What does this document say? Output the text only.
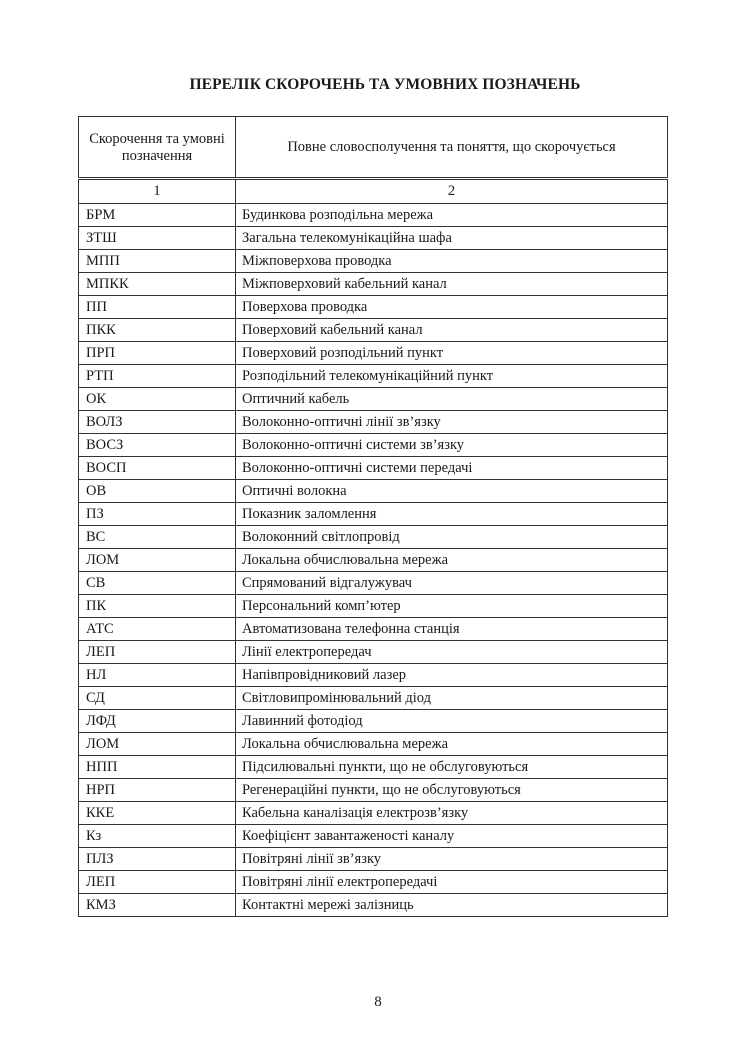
ПЕРЕЛІК СКОРОЧЕНЬ ТА УМОВНИХ ПОЗНАЧЕНЬ
Скорочення та умовні позначення	Повне словосполучення та поняття, що скорочується
1	2
БРМ	Будинкова розподільна мережа
ЗТШ	Загальна телекомунікаційна шафа
МПП	Міжповерхова проводка
МПКК	Міжповерховий кабельний канал
ПП	Поверхова проводка
ПКК	Поверховий кабельний канал
ПРП	Поверховий розподільний пункт
РТП	Розподільний телекомунікаційний пункт
ОК	Оптичний кабель
ВОЛЗ	Волоконно-оптичні лінії зв’язку
ВОСЗ	Волоконно-оптичні системи зв’язку
ВОСП	Волоконно-оптичні системи передачі
ОВ	Оптичні волокна
ПЗ	Показник заломлення
ВС	Волоконний світлопровід
ЛОМ	Локальна обчислювальна мережа
СВ	Спрямований відгалужувач
ПК	Персональний комп’ютер
АТС	Автоматизована телефонна станція
ЛЕП	Лінії електропередач
НЛ	Напівпровідниковий лазер
СД	Світловипромінювальний діод
ЛФД	Лавинний фотодіод
ЛОМ	Локальна обчислювальна мережа
НПП	Підсилювальні пункти, що не обслуговуються
НРП	Регенераційні пункти, що не обслуговуються
ККЕ	Кабельна каналізація електрозв’язку
Кз	Коефіцієнт завантаженості каналу
ПЛЗ	Повітряні лінії зв’язку
ЛЕП	Повітряні лінії електропередачі
КМЗ	Контактні мережі залізниць
8
